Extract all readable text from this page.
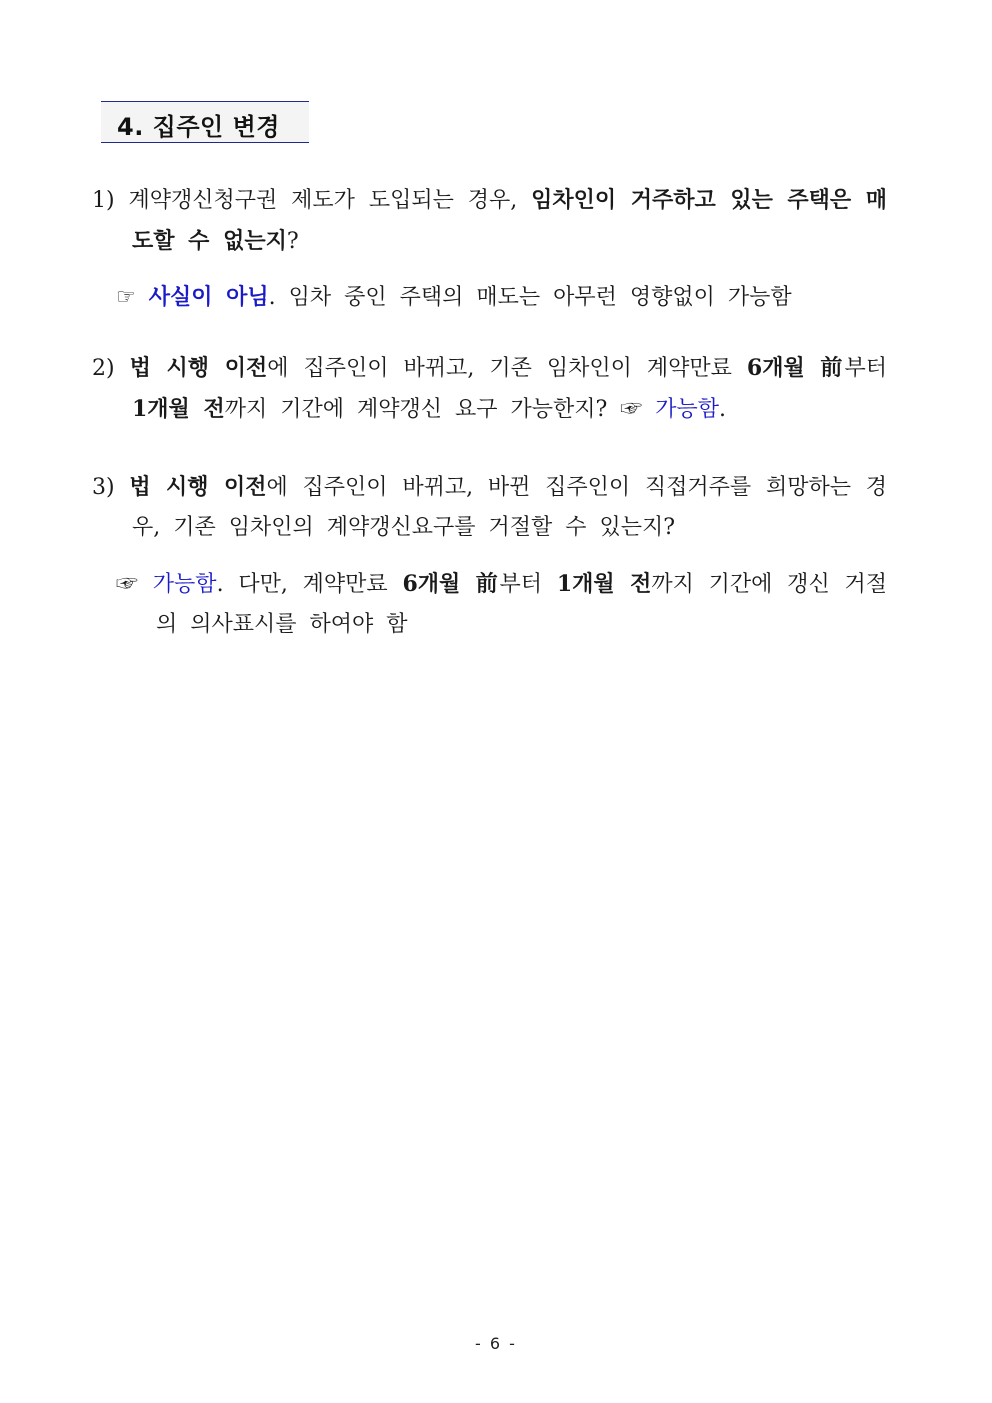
4. 집주인 변경
1) 계약갱신청구권 제도가 도입되는 경우, 임차인이 거주하고 있는 주택은 매도할 수 없는지?
☞ 사실이 아님. 임차 중인 주택의 매도는 아무런 영향없이 가능함
2) 법 시행 이전에 집주인이 바뀌고, 기존 임차인이 계약만료 6개월 前부터 1개월 전까지 기간에 계약갱신 요구 가능한지? ☞ 가능함.
3) 법 시행 이전에 집주인이 바뀌고, 바뀐 집주인이 직접거주를 희망하는 경우, 기존 임차인의 계약갱신요구를 거절할 수 있는지?
☞ 가능함. 다만, 계약만료 6개월 前부터 1개월 전까지 기간에 갱신 거절의 의사표시를 하여야 함
- 6 -
